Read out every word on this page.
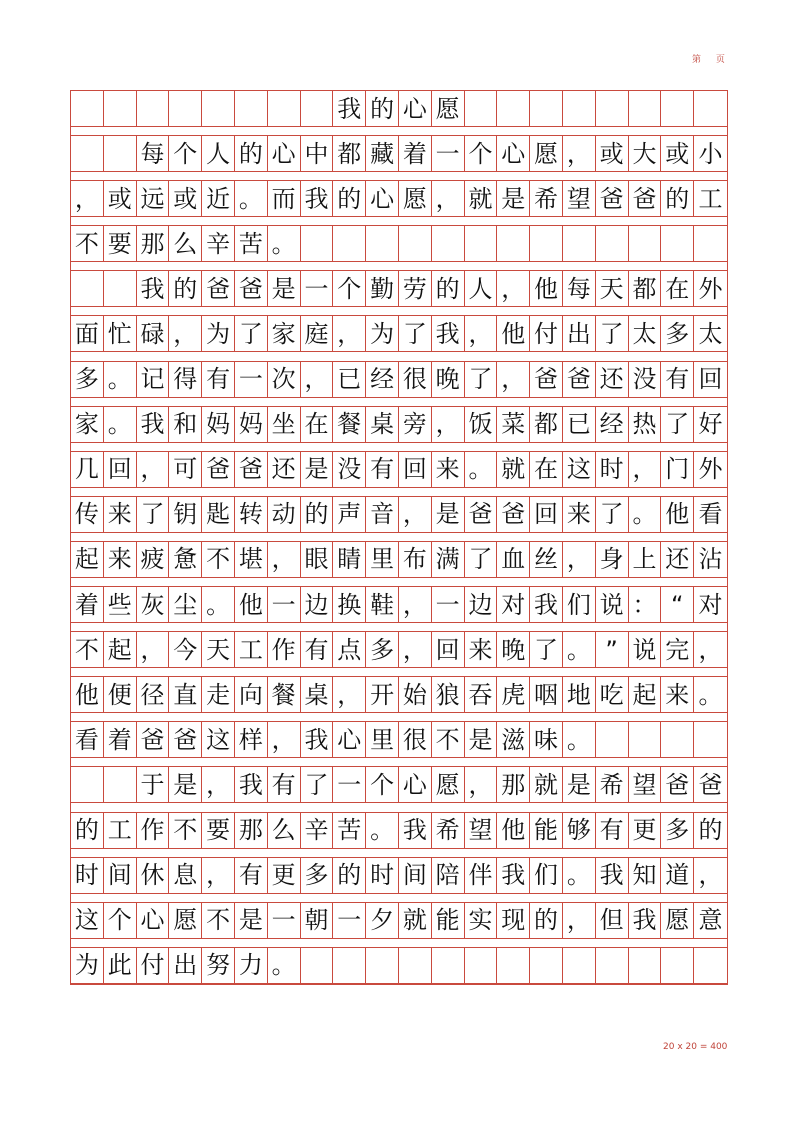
第 页
我 的 心 愿
每 个 人 的 心 中 都 藏 着 一 个 心 愿 ， 或 大 或 小
， 或 远 或 近 。 而 我 的 心 愿 ， 就 是 希 望 爸 爸 的 工
不 要 那 么 辛 苦 。
我 的 爸 爸 是 一 个 勤 劳 的 人 ， 他 每 天 都 在 外
面 忙 碌 ， 为 了 家 庭 ， 为 了 我 ， 他 付 出 了 太 多 太
多 。 记 得 有 一 次 ， 已 经 很 晚 了 ， 爸 爸 还 没 有 回
家 。 我 和 妈 妈 坐 在 餐 桌 旁 ， 饭 菜 都 已 经 热 了 好
几 回 ， 可 爸 爸 还 是 没 有 回 来 。 就 在 这 时 ， 门 外
传 来 了 钥 匙 转 动 的 声 音 ， 是 爸 爸 回 来 了 。 他 看
起 来 疲 惫 不 堪 ， 眼 睛 里 布 满 了 血 丝 ， 身 上 还 沾
着 些 灰 尘 。 他 一 边 换 鞋 ， 一 边 对 我 们 说 ： “ 对
不 起 ， 今 天 工 作 有 点 多 ， 回 来 晚 了 。 ” 说 完 ，
他 便 径 直 走 向 餐 桌 ， 开 始 狼 吞 虎 咽 地 吃 起 来 。
看 着 爸 爸 这 样 ， 我 心 里 很 不 是 滋 味 。
于 是 ， 我 有 了 一 个 心 愿 ， 那 就 是 希 望 爸 爸
的 工 作 不 要 那 么 辛 苦 。 我 希 望 他 能 够 有 更 多 的
时 间 休 息 ， 有 更 多 的 时 间 陪 伴 我 们 。 我 知 道 ，
这 个 心 愿 不 是 一 朝 一 夕 就 能 实 现 的 ， 但 我 愿 意
为 此 付 出 努 力 。
20 x 20 = 400
